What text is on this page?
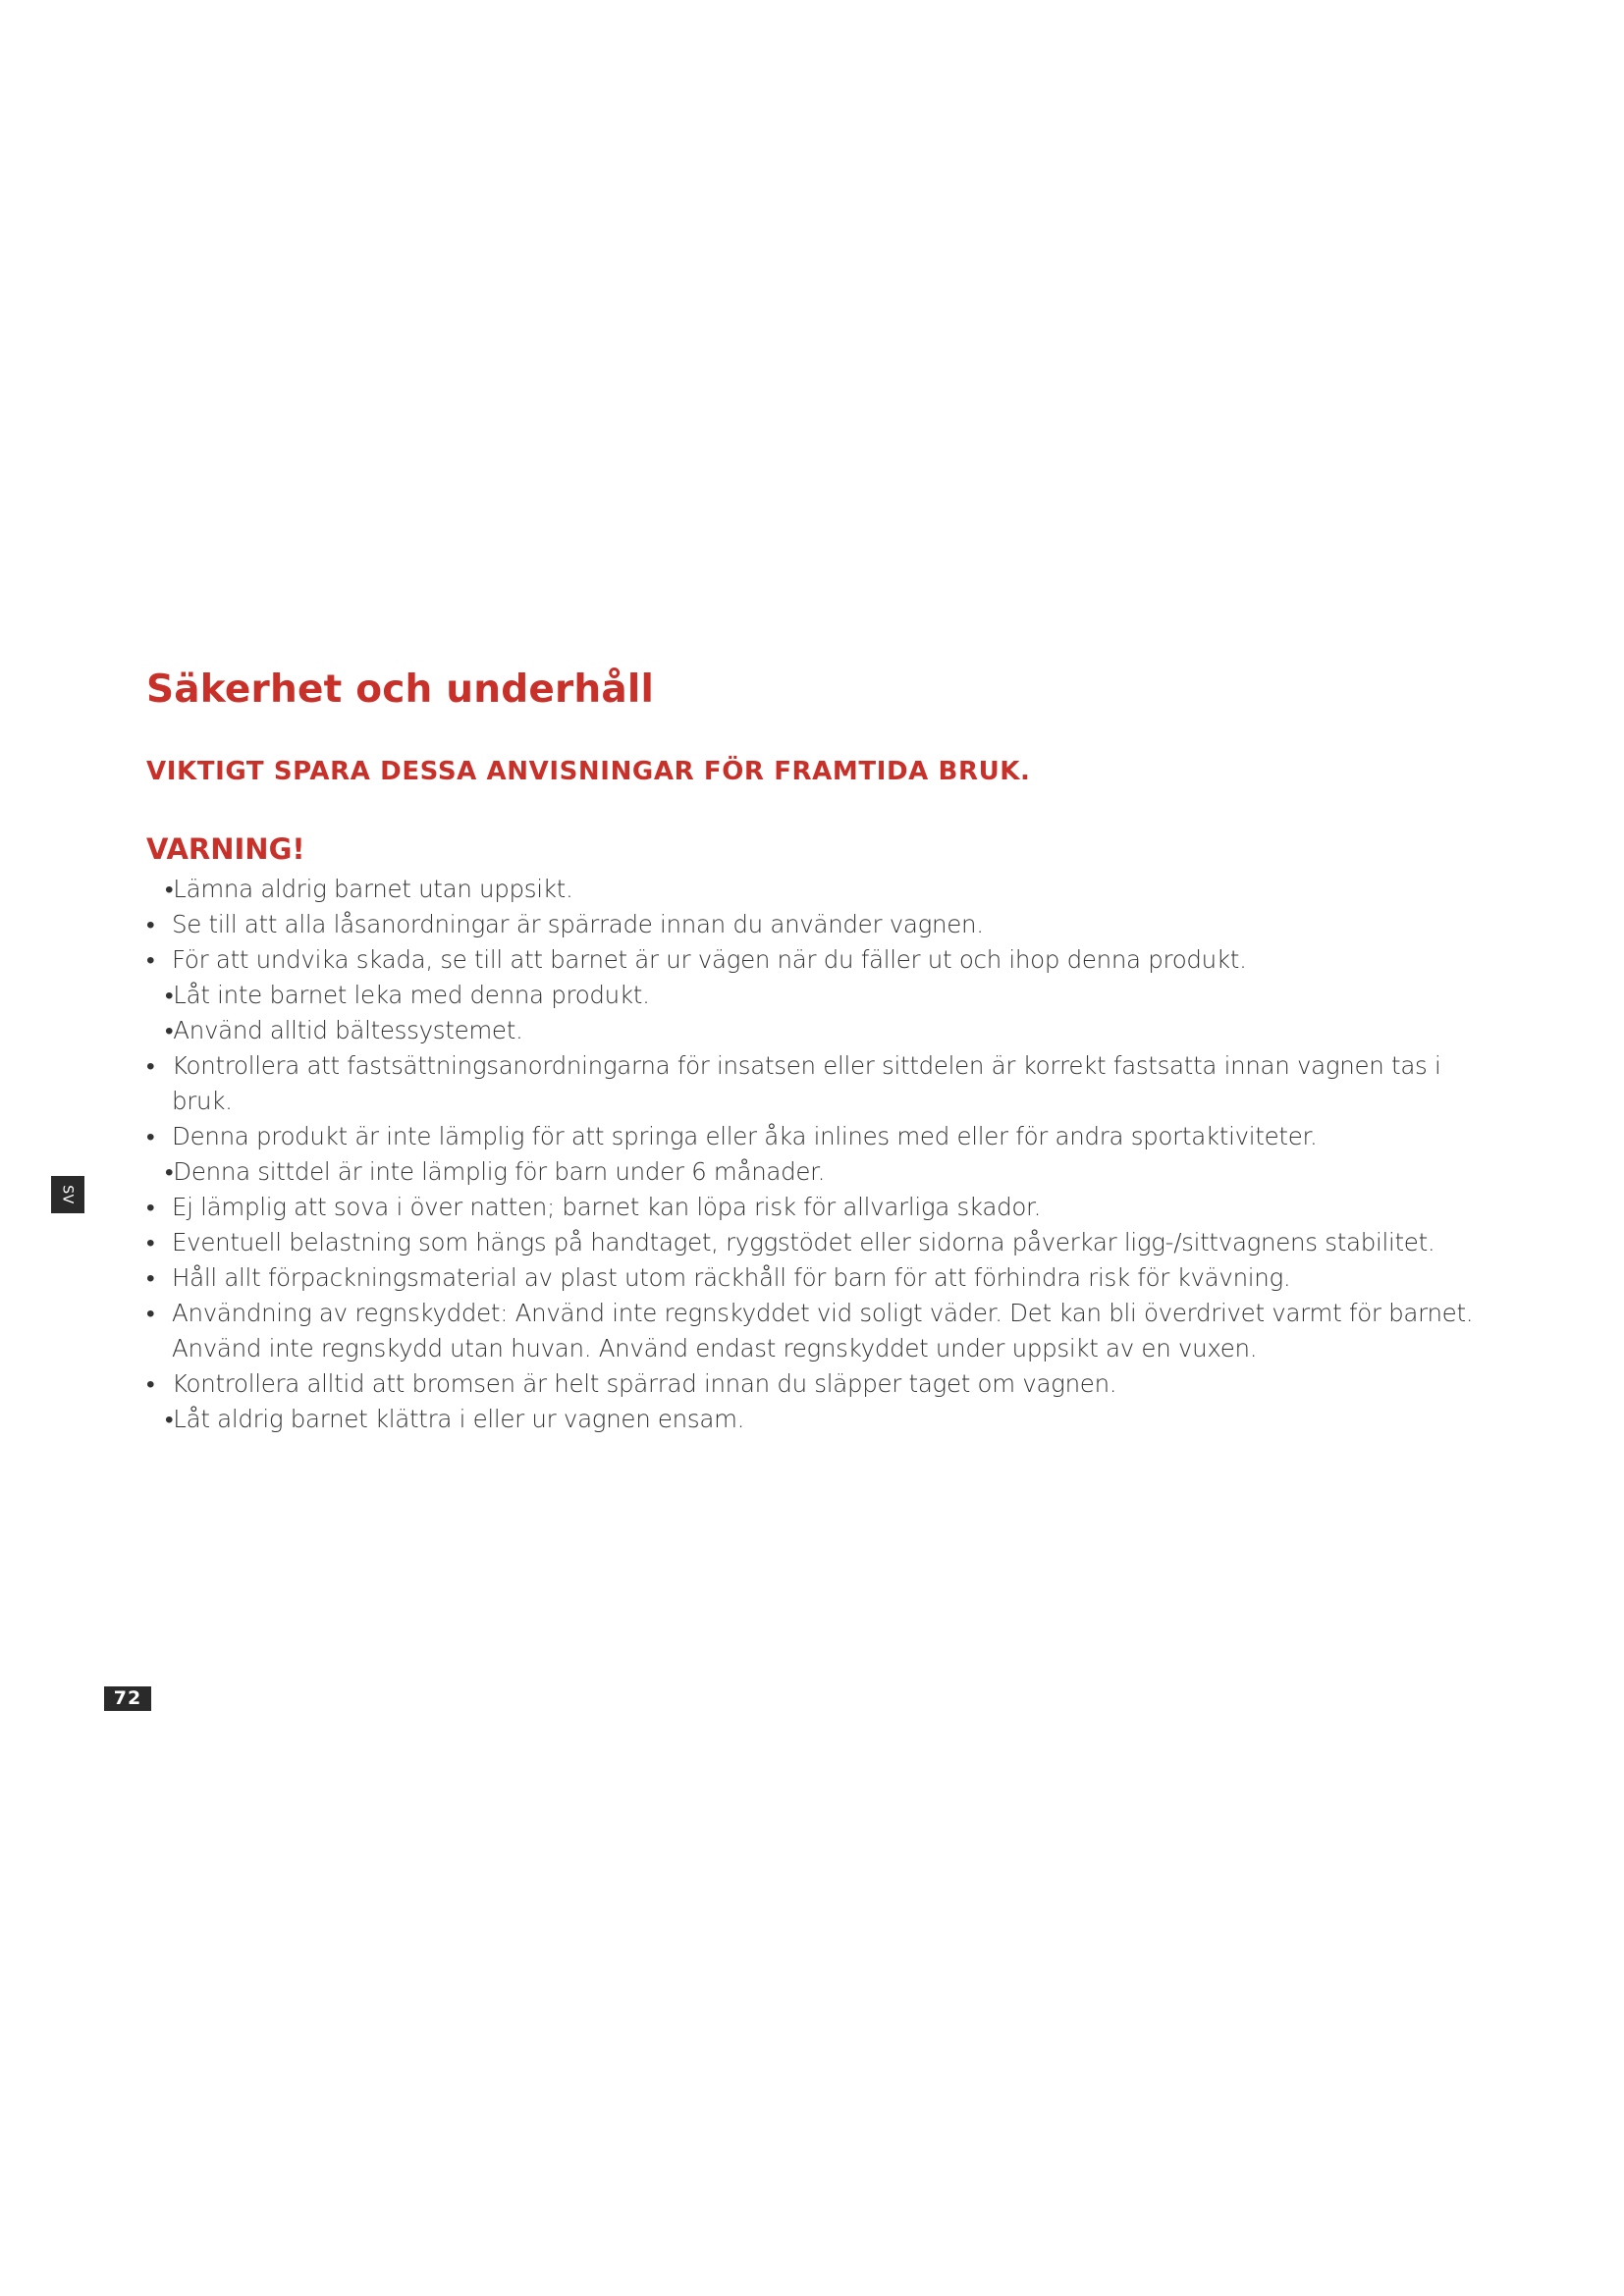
Säkerhet och underhåll
VIKTIGT SPARA DESSA ANVISNINGAR FÖR FRAMTIDA BRUK.
VARNING!
•Lämna aldrig barnet utan uppsikt.
• Se till att alla låsanordningar är spärrade innan du använder vagnen.
• För att undvika skada, se till att barnet är ur vägen när du fäller ut och ihop denna produkt.
•Låt inte barnet leka med denna produkt.
•Använd alltid bältessystemet.
• Kontrollera att fastsättningsanordningarna för insatsen eller sittdelen är korrekt fastsatta innan vagnen tas i bruk.
• Denna produkt är inte lämplig för att springa eller åka inlines med eller för andra sportaktiviteter.
•Denna sittdel är inte lämplig för barn under 6 månader.
• Ej lämplig att sova i över natten; barnet kan löpa risk för allvarliga skador.
• Eventuell belastning som hängs på handtaget, ryggstödet eller sidorna påverkar ligg-/sittvagnens stabilitet.
• Håll allt förpackningsmaterial av plast utom räckhåll för barn för att förhindra risk för kvävning.
• Användning av regnskyddet: Använd inte regnskyddet vid soligt väder. Det kan bli överdrivet varmt för barnet. Använd inte regnskydd utan huvan. Använd endast regnskyddet under uppsikt av en vuxen.
• Kontrollera alltid att bromsen är helt spärrad innan du släpper taget om vagnen.
•Låt aldrig barnet klättra i eller ur vagnen ensam.
SV
72
